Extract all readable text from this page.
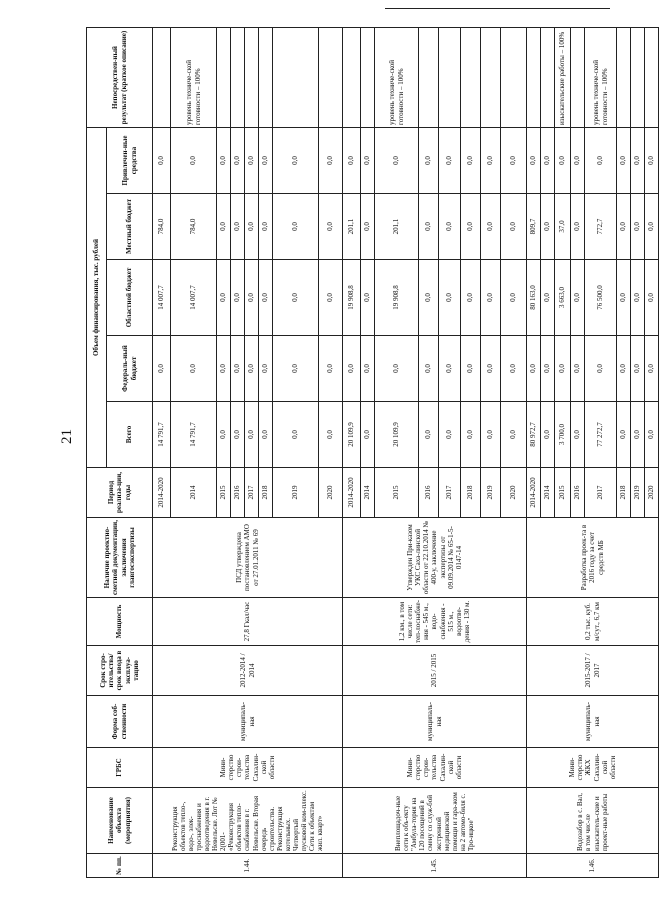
21
№ пп.	Наименование объекта (мероприятия)	ГРБС	Форма соб-ственности	Срок стро-ительства/ срок ввода в эксплуа-тацию	Мощность	Наличие проектно-сметной документации, заключения главгосэкспертизы	Период реализа-ции, годы	Объем финансирования, тыс. рублей					Непосредствен-ный результат (краткое описание)
								Всего	Федераль-ный бюджет	Областной бюджет	Местный бюджет	Привлечен-ные средства	
1.44.	Реконструкция объектов тепло-, водо-, элек-троснабжения и водоотведения в г. Невельске. Лот № 2(001- «Реконструкция объектов тепло-снабжения в г. Невельске. Вторая очередь строительства. Реконструкция котельных. Четвертый пусковой ком-плекс. Сети к объектам жил. кварт»	Мини-стерство строи-тельства Сахалин-ской области	муниципаль-ная	2012-2014 / 2014	27,8 Гкал/час	ПСД утверждена постановлением АМО от 27.01.2011 № 69	2014-2020	14 791,7	0,0	14 007,7	784,0	0,0	
							2014	14 791,7	0,0	14 007,7	784,0	0,0	уровень техниче-ской готовности – 100%
							2015	0,0	0,0	0,0	0,0	0,0	
							2016	0,0	0,0	0,0	0,0	0,0	
							2017	0,0	0,0	0,0	0,0	0,0	
							2018	0,0	0,0	0,0	0,0	0,0	
							2019	0,0	0,0	0,0	0,0	0,0	
							2020	0,0	0,0	0,0	0,0	0,0	
1.45.	Внеплощадоч-ные сети к объ-екту "Амбула-тория на 120 посещений в смену со служ-бой экстренной медицинской помощи и гара-жом на 2 автомо-биля с. Тро-ицкое"	Мини-стерство строи-тельства Сахалин-ской области	муниципаль-ная	2015 / 2015	1,2 км., в том числе сети: теп-лоснабже-ния - 545 м., водо-снабжения - 515 м., водоотве-дения - 130 м.	Утвержден При-казом УКС Саха-линской области от 22.10.2014 № 400-у, заключение экспертизы от 09.09.2014 № 65-1-5-0147-14	2014-2020	20 109,9	0,0	19 908,8	201,1	0,0	
							2014	0,0	0,0	0,0	0,0	0,0	
							2015	20 109,9	0,0	19 908,8	201,1	0,0	уровень техниче-ской готовности – 100%
							2016	0,0	0,0	0,0	0,0	0,0	
							2017	0,0	0,0	0,0	0,0	0,0	
							2018	0,0	0,0	0,0	0,0	0,0	
							2019	0,0	0,0	0,0	0,0	0,0	
							2020	0,0	0,0	0,0	0,0	0,0	
1.46.	Водозабор в с. Вал, в том чис-ле изыскатель-ские и проект-ные работы	Мини-стерство ЖКХ Сахалин-ской области	муниципаль-ная	2015-2017 / 2017	0,2 тыс. куб. м/сут., 6,7 км	Разработка проек-та в 2016 году за счет средств МБ	2014-2020	80 972,7	0,0	80 163,0	809,7	0,0	
							2014	0,0	0,0	0,0	0,0	0,0	
							2015	3 700,0	0,0	3 663,0	37,0	0,0	изыскательские работы – 100%
							2016	0,0	0,0	0,0	0,0	0,0	
							2017	77 272,7	0,0	76 500,0	772,7	0,0	уровень техниче-ской готовности – 100%
							2018	0,0	0,0	0,0	0,0	0,0	
							2019	0,0	0,0	0,0	0,0	0,0	
							2020	0,0	0,0	0,0	0,0	0,0	
